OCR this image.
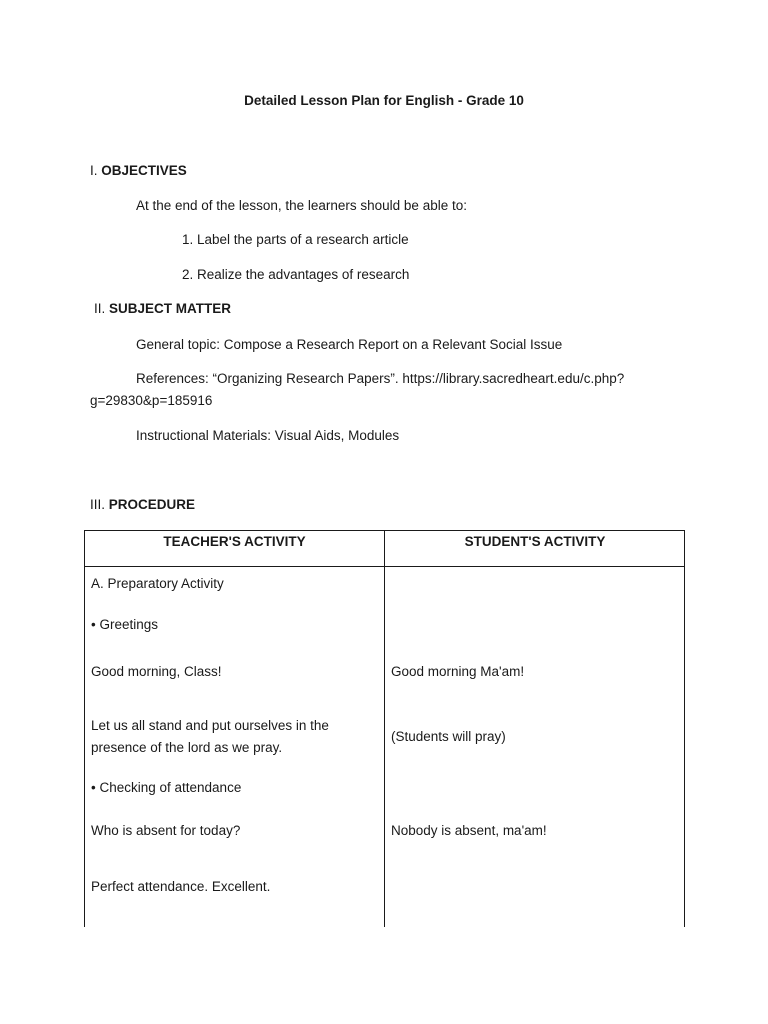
Detailed Lesson Plan for English - Grade 10
I. OBJECTIVES
At the end of the lesson, the learners should be able to:
1. Label the parts of a research article
2. Realize the advantages of research
II. SUBJECT MATTER
General topic: Compose a Research Report on a Relevant Social Issue
References: “Organizing Research Papers”. https://library.sacredheart.edu/c.php?
g=29830&p=185916
Instructional Materials: Visual Aids, Modules
III. PROCEDURE
TEACHER'S ACTIVITY	STUDENT'S ACTIVITY
A. Preparatory Activity
• Greetings
Good morning, Class!
Let us all stand and put ourselves in the
presence of the lord as we pray.
• Checking of attendance
Who is absent for today?
Perfect attendance. Excellent.
Good morning Ma'am!
(Students will pray)
Nobody is absent, ma'am!
